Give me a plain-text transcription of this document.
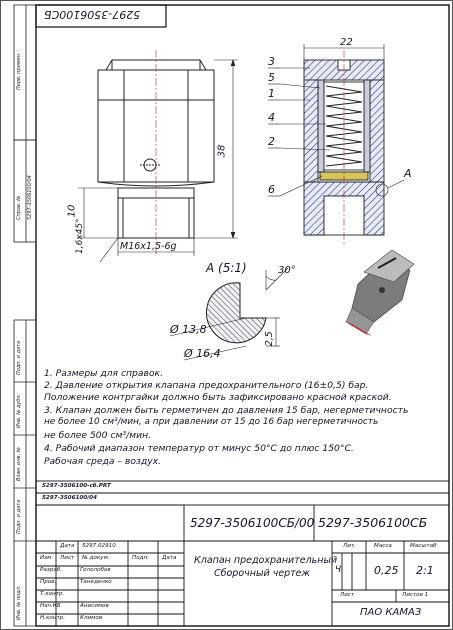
5297-3506100СБ
Перв. примен.
Справ. № 5297-3506100/04
Подп. и дата
Инв. № дубл.
Взам. инв. №
Подп. и дата
Инв. № подл.
38
10
1,6х45°	M16х1,5-6g
22
3
5
1
4
2
6
А
А (5:1)	30°
Ø 13,8
Ø 16,4
2,5
1. Размеры для справок.
2. Давление открытия клапана предохранительного (16±0,5) бар.
Положение контргайки должно быть зафиксировано красной краской.
3. Клапан должен быть герметичен до давления 15 бар, негерметичность
не более 10 см³/мин, а при давлении от 15 до 16 бар негерметичность
не более 500 см³/мин.
4. Рабочий диапазон температур от минус 50°С до плюс 150°С.
Рабочая среда – воздух.
5297-3506100-сб.PRT
5297-3506100/04
5297-3506100СБ/00 5297-3506100СБ
Изм. Лист № докум.	Подп. Дата
Дата 5297.02910
Разраб.	Гололобов
Пров.	Танеденко
Т.контр.
Нач.КБ	Анисимов
Н.контр.	Климов
Клапан предохранительный
Сборочный чертеж
Лит.	Масса	Масштаб
Ч	0,25 2:1
Лист	Листов 1
ПАО КАМАЗ
